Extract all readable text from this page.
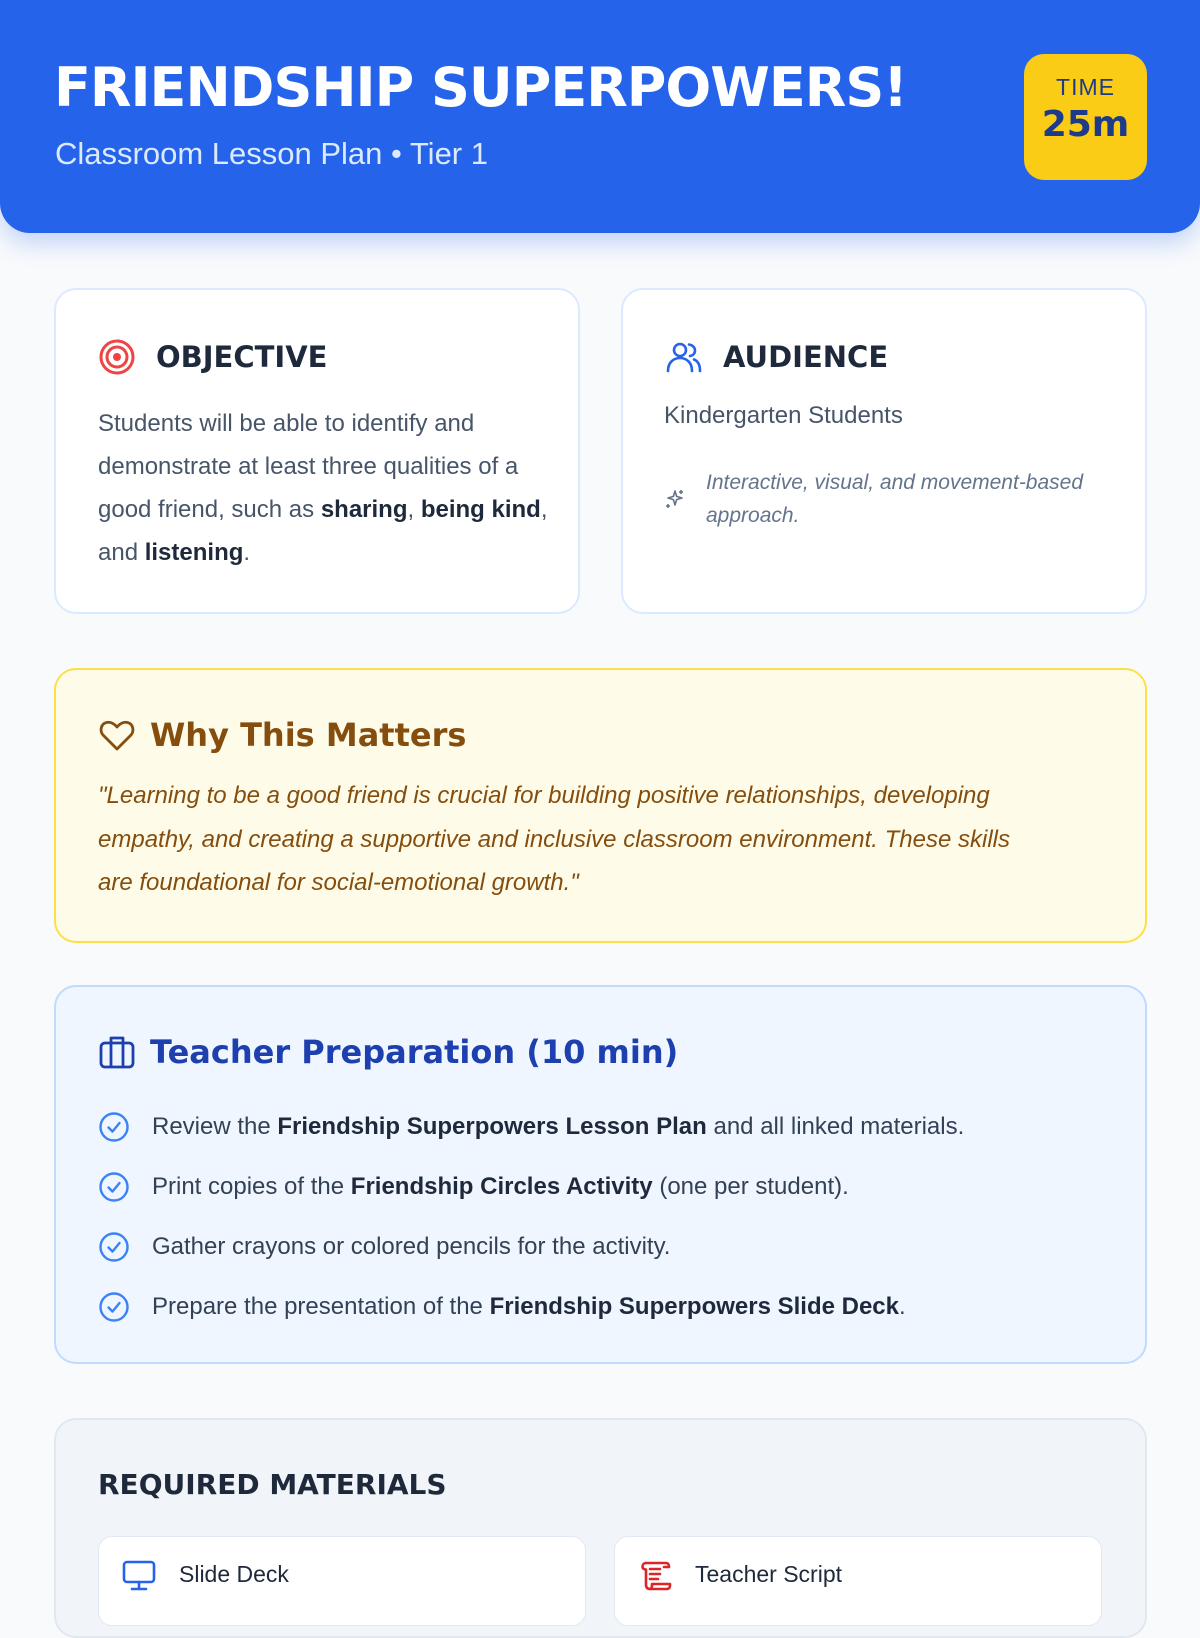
FRIENDSHIP SUPERPOWERS!
Classroom Lesson Plan • Tier 1
TIME
25m
OBJECTIVE

Students will be able to identify and demonstrate at least three qualities of a good friend, such as sharing, being kind, and listening.

AUDIENCE
Kindergarten Students
Interactive, visual, and movement-based approach.
Why This Matters

"Learning to be a good friend is crucial for building positive relationships, developing empathy, and creating a supportive and inclusive classroom environment. These skills are foundational for social-emotional growth."

Teacher Preparation (10 min)
Review the Friendship Superpowers Lesson Plan and all linked materials.
Print copies of the Friendship Circles Activity (one per student).
Gather crayons or colored pencils for the activity.
Prepare the presentation of the Friendship Superpowers Slide Deck.
REQUIRED MATERIALS
Slide Deck	Teacher Script
